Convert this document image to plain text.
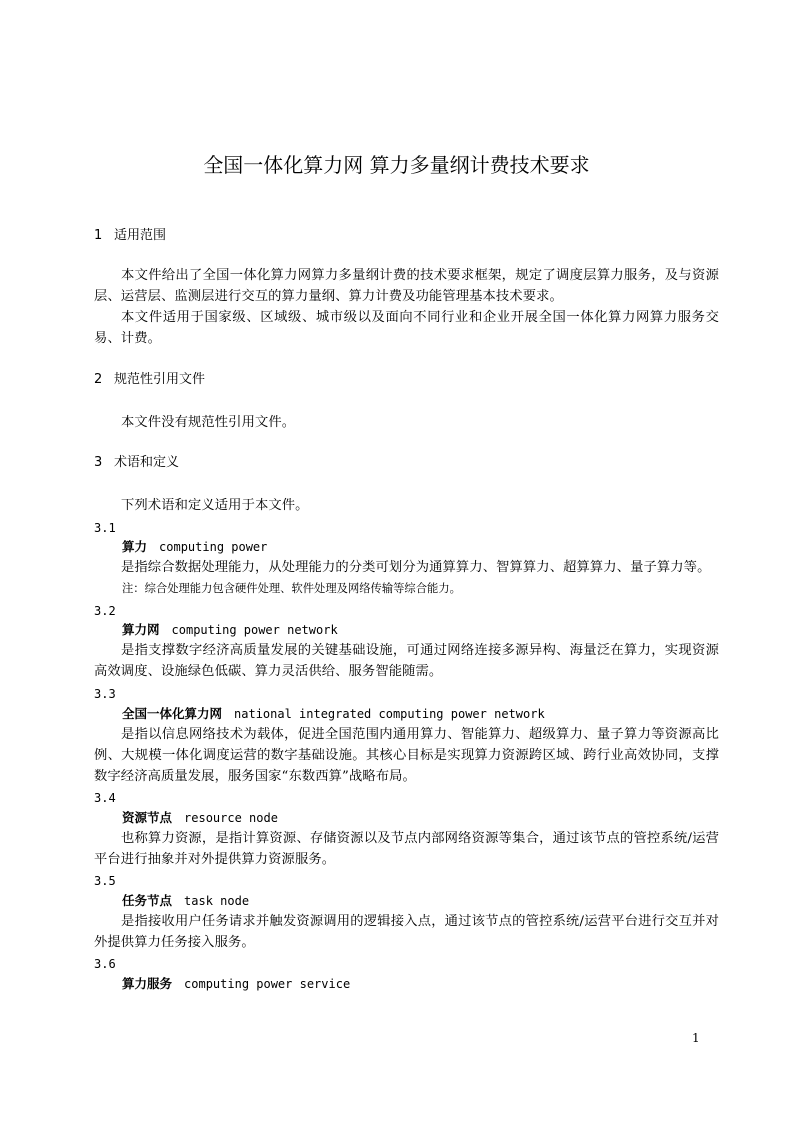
全国一体化算力网 算力多量纲计费技术要求
1 适用范围
本文件给出了全国一体化算力网算力多量纲计费的技术要求框架，规定了调度层算力服务，及与资源层、运营层、监测层进行交互的算力量纲、算力计费及功能管理基本技术要求。
本文件适用于国家级、区域级、城市级以及面向不同行业和企业开展全国一体化算力网算力服务交易、计费。
2 规范性引用文件
本文件没有规范性引用文件。
3 术语和定义
下列术语和定义适用于本文件。
3.1
算力 computing power
是指综合数据处理能力，从处理能力的分类可划分为通算算力、智算算力、超算算力、量子算力等。
注：综合处理能力包含硬件处理、软件处理及网络传输等综合能力。
3.2
算力网 computing power network
是指支撑数字经济高质量发展的关键基础设施，可通过网络连接多源异构、海量泛在算力，实现资源高效调度、设施绿色低碳、算力灵活供给、服务智能随需。
3.3
全国一体化算力网 national integrated computing power network
是指以信息网络技术为载体，促进全国范围内通用算力、智能算力、超级算力、量子算力等资源高比例、大规模一体化调度运营的数字基础设施。其核心目标是实现算力资源跨区域、跨行业高效协同，支撑数字经济高质量发展，服务国家“东数西算”战略布局。
3.4
资源节点 resource node
也称算力资源，是指计算资源、存储资源以及节点内部网络资源等集合，通过该节点的管控系统/运营平台进行抽象并对外提供算力资源服务。
3.5
任务节点 task node
是指接收用户任务请求并触发资源调用的逻辑接入点，通过该节点的管控系统/运营平台进行交互并对外提供算力任务接入服务。
3.6
算力服务 computing power service
1
